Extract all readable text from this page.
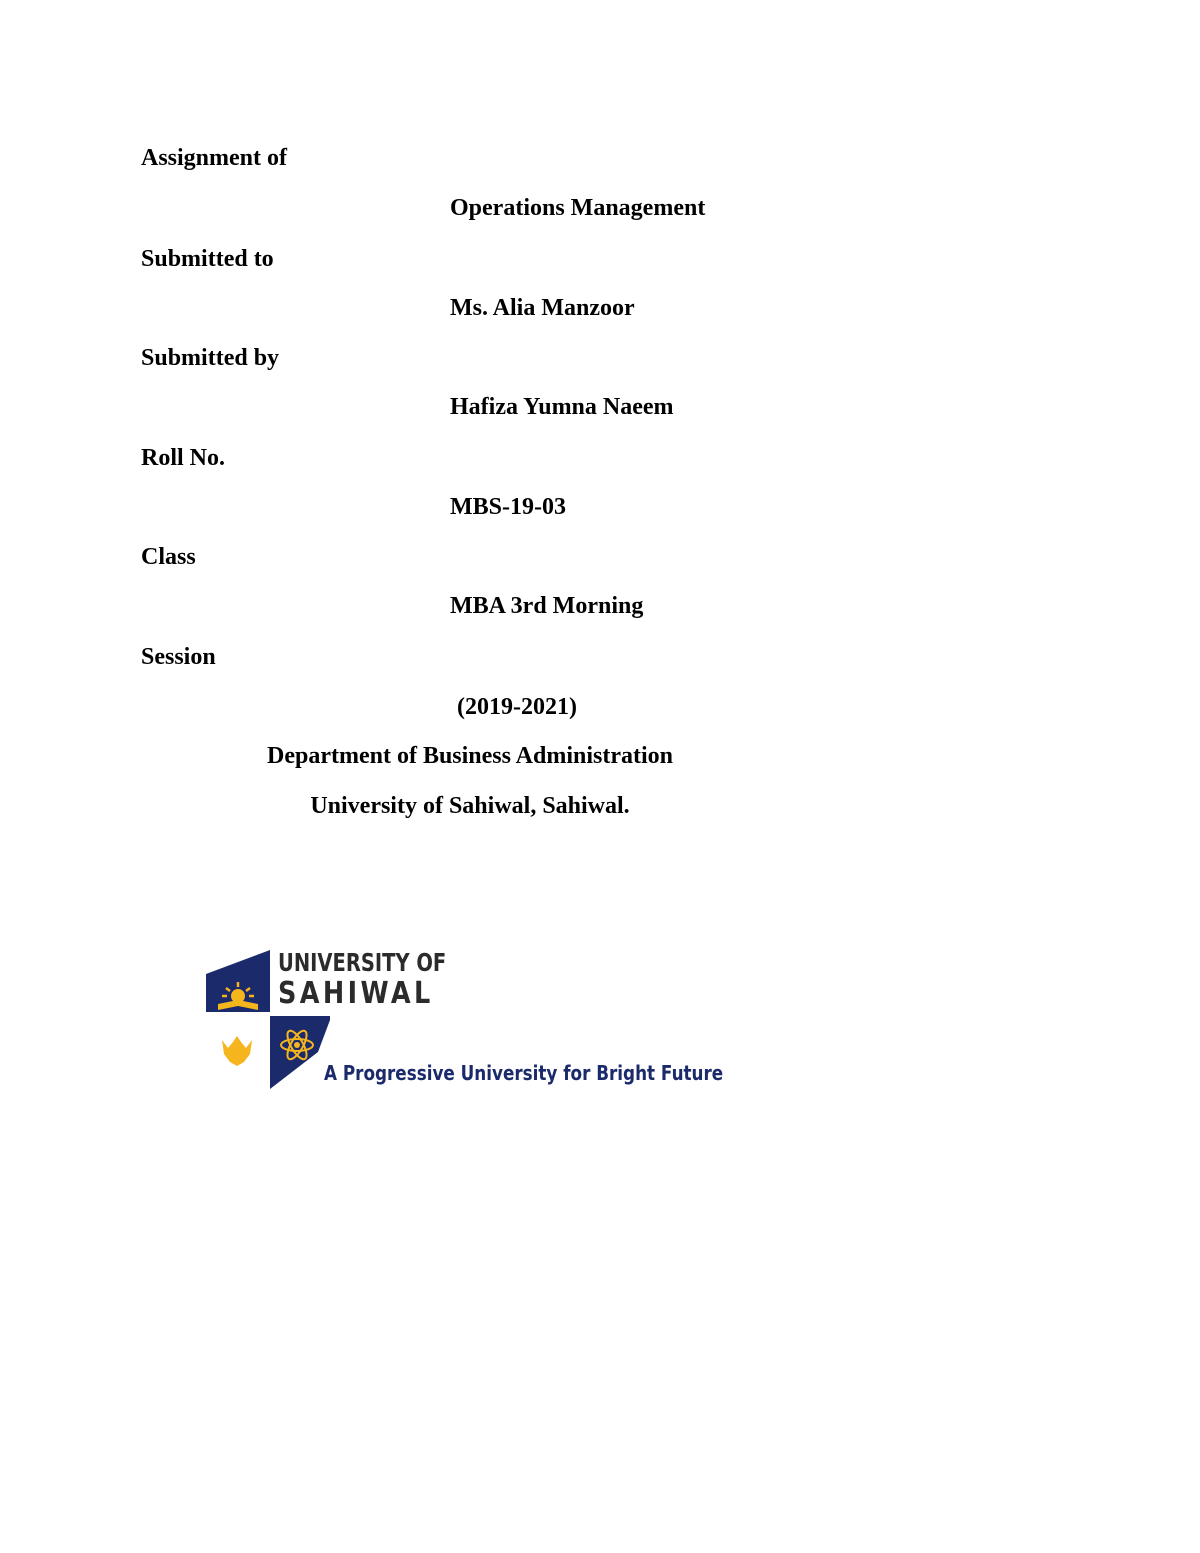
Assignment of
Operations Management
Submitted to
Ms. Alia Manzoor
Submitted by
Hafiza Yumna Naeem
Roll No.
MBS-19-03
Class
MBA 3rd Morning
Session
(2019-2021)
Department of Business Administration
University of Sahiwal, Sahiwal.
UNIVERSITY OF
SAHIWAL
A Progressive University for Bright Future
